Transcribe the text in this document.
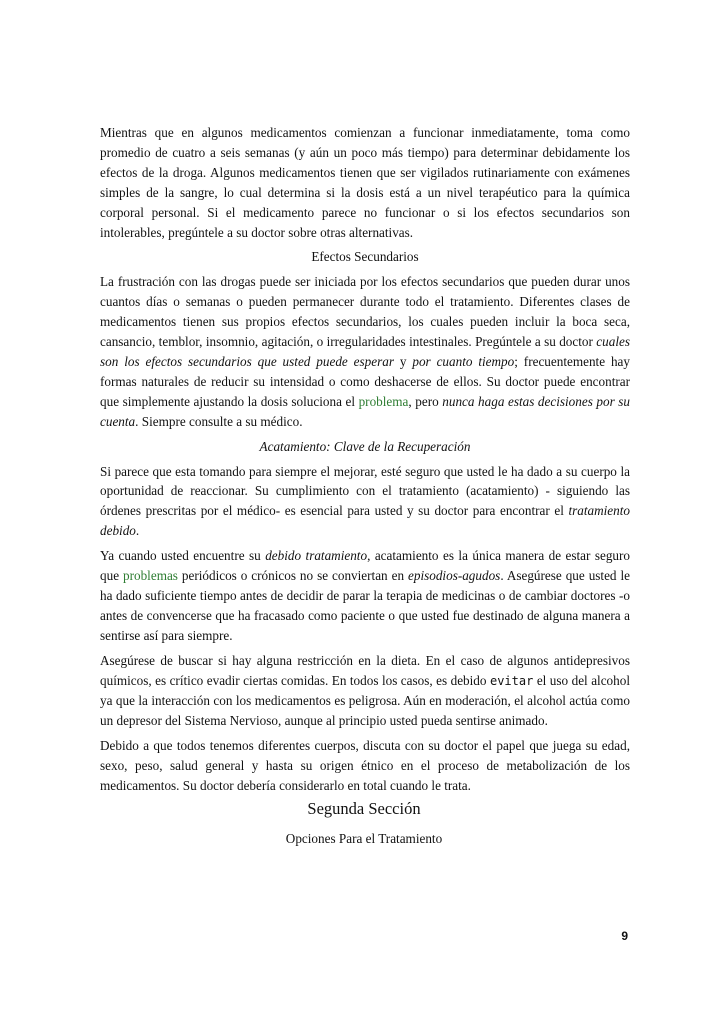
Mientras que en algunos medicamentos comienzan a funcionar inmediatamente, toma como promedio de cuatro a seis semanas (y aún un poco más tiempo) para determinar debidamente los efectos de la droga. Algunos medicamentos tienen que ser vigilados rutinariamente con exámenes simples de la sangre, lo cual determina si la dosis está a un nivel terapéutico para la química corporal personal. Si el medicamento parece no funcionar o si los efectos secundarios son intolerables, pregúntele a su doctor sobre otras alternativas.

Efectos Secundarios

La frustración con las drogas puede ser iniciada por los efectos secundarios que pueden durar unos cuantos días o semanas o pueden permanecer durante todo el tratamiento. Diferentes clases de medicamentos tienen sus propios efectos secundarios, los cuales pueden incluir la boca seca, cansancio, temblor, insomnio, agitación, o irregularidades intestinales. Pregúntele a su doctor cuales son los efectos secundarios que usted puede esperar y por cuanto tiempo; frecuentemente hay formas naturales de reducir su intensidad o como deshacerse de ellos. Su doctor puede encontrar que simplemente ajustando la dosis soluciona el problema, pero nunca haga estas decisiones por su cuenta. Siempre consulte a su médico.

Acatamiento: Clave de la Recuperación

Si parece que esta tomando para siempre el mejorar, esté seguro que usted le ha dado a su cuerpo la oportunidad de reaccionar. Su cumplimiento con el tratamiento (acatamiento) - siguiendo las órdenes prescritas por el médico- es esencial para usted y su doctor para encontrar el tratamiento debido.

Ya cuando usted encuentre su debido tratamiento, acatamiento es la única manera de estar seguro que problemas periódicos o crónicos no se conviertan en episodios-agudos. Asegúrese que usted le ha dado suficiente tiempo antes de decidir de parar la terapia de medicinas o de cambiar doctores -o antes de convencerse que ha fracasado como paciente o que usted fue destinado de alguna manera a sentirse así para siempre.

Asegúrese de buscar si hay alguna restricción en la dieta. En el caso de algunos antidepresivos químicos, es crítico evadir ciertas comidas. En todos los casos, es debido evitar el uso del alcohol ya que la interacción con los medicamentos es peligrosa. Aún en moderación, el alcohol actúa como un depresor del Sistema Nervioso, aunque al principio usted pueda sentirse animado.

Debido a que todos tenemos diferentes cuerpos, discuta con su doctor el papel que juega su edad, sexo, peso, salud general y hasta su origen étnico en el proceso de metabolización de los medicamentos. Su doctor debería considerarlo en total cuando le trata.

Segunda Sección
Opciones Para el Tratamiento
9
